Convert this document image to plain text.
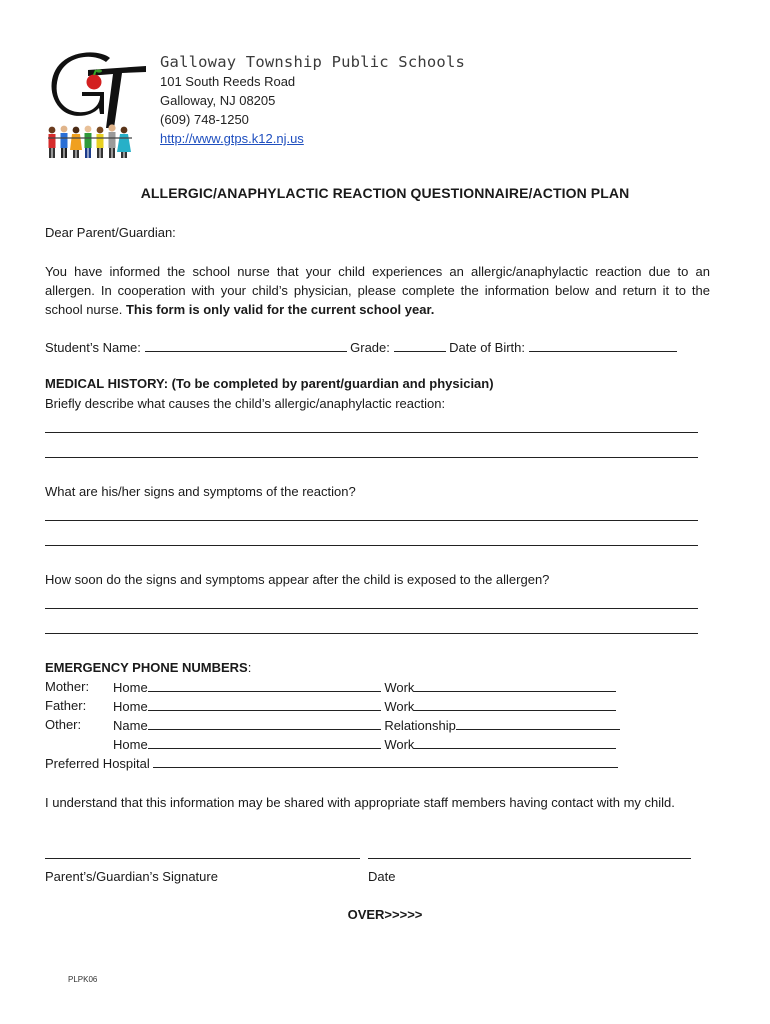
Galloway Township Public Schools
101 South Reeds Road
Galloway, NJ 08205
(609) 748-1250
http://www.gtps.k12.nj.us
ALLERGIC/ANAPHYLACTIC REACTION QUESTIONNAIRE/ACTION PLAN
Dear Parent/Guardian:
You have informed the school nurse that your child experiences an allergic/anaphylactic reaction due to an allergen. In cooperation with your child’s physician, please complete the information below and return it to the school nurse. This form is only valid for the current school year.
Student’s Name:	Grade:	Date of Birth:
MEDICAL HISTORY: (To be completed by parent/guardian and physician)
Briefly describe what causes the child’s allergic/anaphylactic reaction:
What are his/her signs and symptoms of the reaction?
How soon do the signs and symptoms appear after the child is exposed to the allergen?
EMERGENCY PHONE NUMBERS:
Mother: Home	Work
Father: Home	Work
Other: Name	Relationship
Home	Work
Preferred Hospital
I understand that this information may be shared with appropriate staff members having contact with my child.
Parent’s/Guardian’s Signature	Date
OVER>>>>>
PLPK06
